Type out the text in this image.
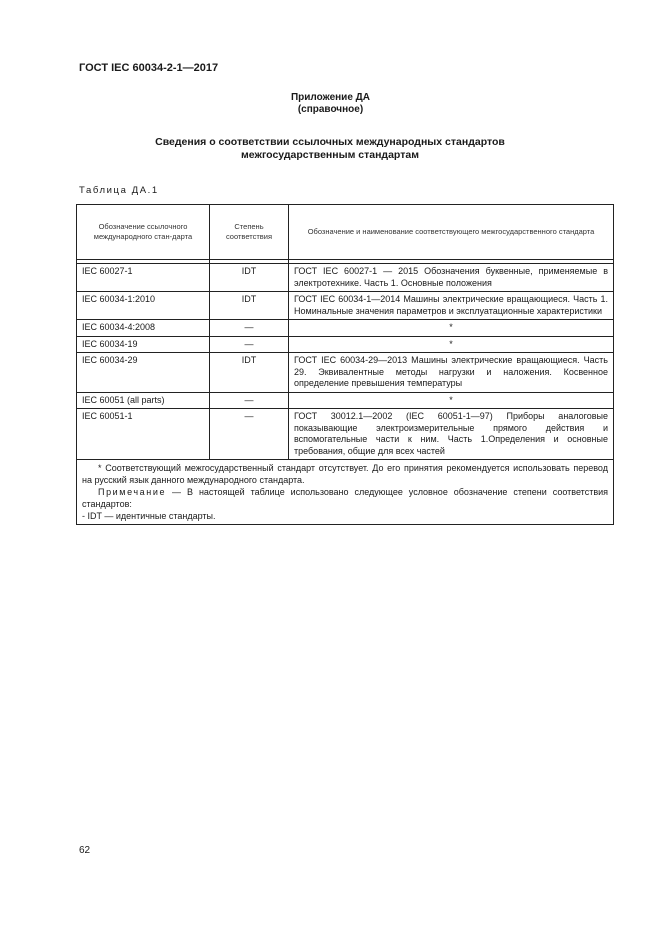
ГОСТ IEC 60034-2-1—2017
Приложение ДА
(справочное)
Сведения о соответствии ссылочных международных стандартов межгосударственным стандартам
Таблица ДА.1
Обозначение ссылочного международного стан-дарта	Степень соответствия	Обозначение и наименование соответствующего межгосударственного стандарта

IEC 60027-1	IDT	ГОСТ IEC 60027-1 — 2015 Обозначения буквенные, применяемые в электротехнике. Часть 1. Основные положения
IEC 60034-1:2010	IDT	ГОСТ IEC 60034-1—2014 Машины электрические вращающиеся. Часть 1. Номинальные значения параметров и эксплуатационные характеристики
IEC 60034-4:2008	—	*
IEC 60034-19	—	*
IEC 60034-29	IDT	ГОСТ IEC 60034-29—2013 Машины электрические вращающиеся. Часть 29. Эквивалентные методы нагрузки и наложения. Косвенное определение превышения температуры
IEC 60051 (all parts)	—	*
IEC 60051-1	—	ГОСТ 30012.1—2002 (IEC 60051-1—97) Приборы аналоговые показывающие электроизмерительные прямого действия и вспомогательные части к ним. Часть 1.Определения и основные требования, общие для всех частей

* Соответствующий межгосударственный стандарт отсутствует. До его принятия рекомендуется использовать перевод на русский язык данного международного стандарта.
Примечание — В настоящей таблице использовано следующее условное обозначение степени соответствия стандартов:
- IDT — идентичные стандарты.		
62
